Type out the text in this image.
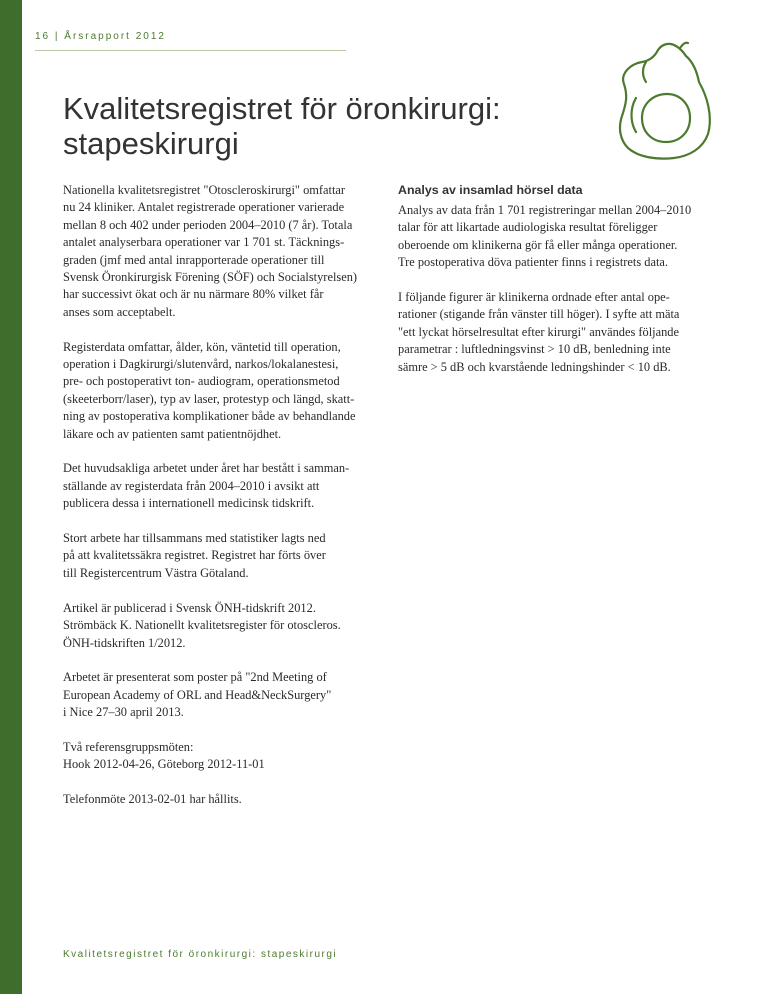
16 | Årsrapport 2012
Kvalitetsregistret för öronkirurgi:
stapeskirurgi

Nationella kvalitetsregistret "Otoscleroskirurgi" omfattar
nu 24 kliniker. Antalet registrerade operationer varierade
mellan 8 och 402 under perioden 2004–2010 (7 år). Totala
antalet analyserbara operationer var 1 701 st. Täcknings-
graden (jmf med antal inrapporterade operationer till
Svensk Öronkirurgisk Förening (SÖF) och Socialstyrelsen)
har successivt ökat och är nu närmare 80% vilket får
anses som acceptabelt.

Registerdata omfattar, ålder, kön, väntetid till operation,
operation i Dagkirurgi/slutenvård, narkos/lokalanestesi,
pre- och postoperativt ton- audiogram, operationsmetod
(skeeterborr/laser), typ av laser, protestyp och längd, skatt-
ning av postoperativa komplikationer både av behandlande
läkare och av patienten samt patientnöjdhet.

Det huvudsakliga arbetet under året har bestått i samman-
ställande av registerdata från 2004–2010 i avsikt att
publicera dessa i internationell medicinsk tidskrift.

Stort arbete har tillsammans med statistiker lagts ned
på att kvalitetssäkra registret. Registret har förts över
till Registercentrum Västra Götaland.

Artikel är publicerad i Svensk ÖNH-tidskrift 2012.
Strömbäck K. Nationellt kvalitetsregister för otoscleros.
ÖNH-tidskriften 1/2012.

Arbetet är presenterat som poster på "2nd Meeting of
European Academy of ORL and Head&NeckSurgery"
i Nice 27–30 april 2013.

Två referensgruppsmöten:
Hook 2012-04-26, Göteborg 2012-11-01

Telefonmöte 2013-02-01 har hållits.

Analys av insamlad hörsel data

Analys av data från 1 701 registreringar mellan 2004–2010
talar för att likartade audiologiska resultat föreligger
oberoende om klinikerna gör få eller många operationer.
Tre postoperativa döva patienter finns i registrets data.

I följande figurer är klinikerna ordnade efter antal ope-
rationer (stigande från vänster till höger). I syfte att mäta
"ett lyckat hörselresultat efter kirurgi" användes följande
parametrar : luftledningsvinst > 10 dB, benledning inte
sämre > 5 dB och kvarstående ledningshinder < 10 dB.

Kvalitetsregistret för öronkirurgi: stapeskirurgi
